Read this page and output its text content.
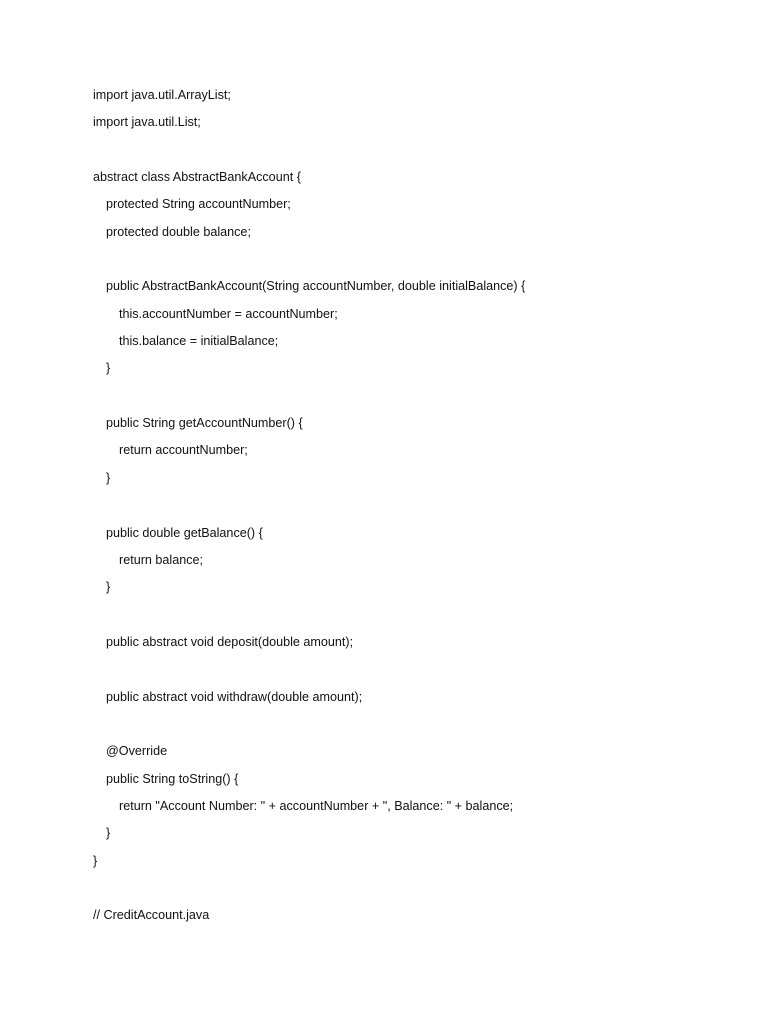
import java.util.ArrayList;
import java.util.List;
abstract class AbstractBankAccount {
protected String accountNumber;
protected double balance;
public AbstractBankAccount(String accountNumber, double initialBalance) {
this.accountNumber = accountNumber;
this.balance = initialBalance;
}
public String getAccountNumber() {
return accountNumber;
}
public double getBalance() {
return balance;
}
public abstract void deposit(double amount);
public abstract void withdraw(double amount);
@Override
public String toString() {
return "Account Number: " + accountNumber + ", Balance: " + balance;
}
}
// CreditAccount.java
